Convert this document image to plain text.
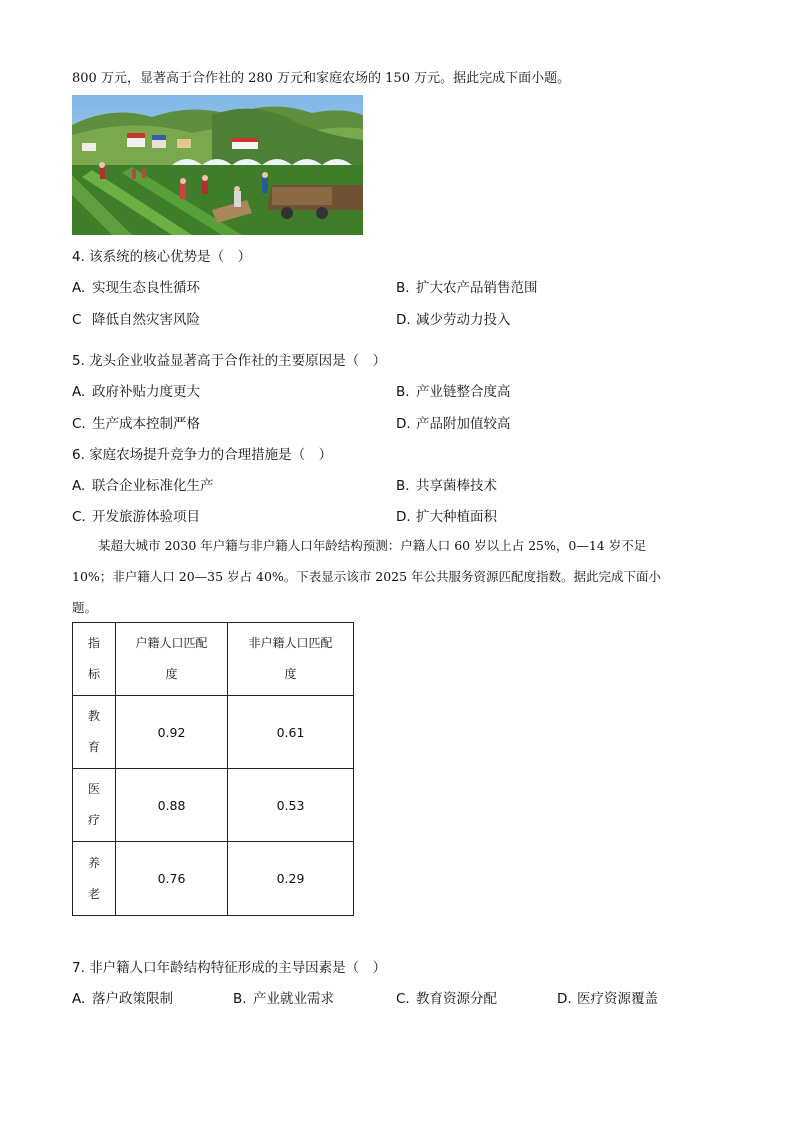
800 万元，显著高于合作社的 280 万元和家庭农场的 150 万元。据此完成下面小题。
4. 该系统的核心优势是（　）
A. 实现生态良性循环	B. 扩大农产品销售范围
C 降低自然灾害风险	D. 减少劳动力投入
5. 龙头企业收益显著高于合作社的主要原因是（　）
A. 政府补贴力度更大	B. 产业链整合度高
C. 生产成本控制严格	D. 产品附加值较高
6. 家庭农场提升竞争力的合理措施是（　）
A. 联合企业标准化生产	B. 共享菌棒技术
C. 开发旅游体验项目	D. 扩大种植面积
某超大城市 2030 年户籍与非户籍人口年龄结构预测：户籍人口 60 岁以上占 25%，0—14 岁不足
10%；非户籍人口 20—35 岁占 40%。下表显示该市 2025 年公共服务资源匹配度指数。据此完成下面小
题。
指
标	户籍人口匹配
度	非户籍人口匹配
度

教
育	0.92	0.61

医
疗	0.88	0.53

养
老	0.76	0.29
7. 非户籍人口年龄结构特征形成的主导因素是（　）
A. 落户政策限制	B. 产业就业需求	C. 教育资源分配	D. 医疗资源覆盖
